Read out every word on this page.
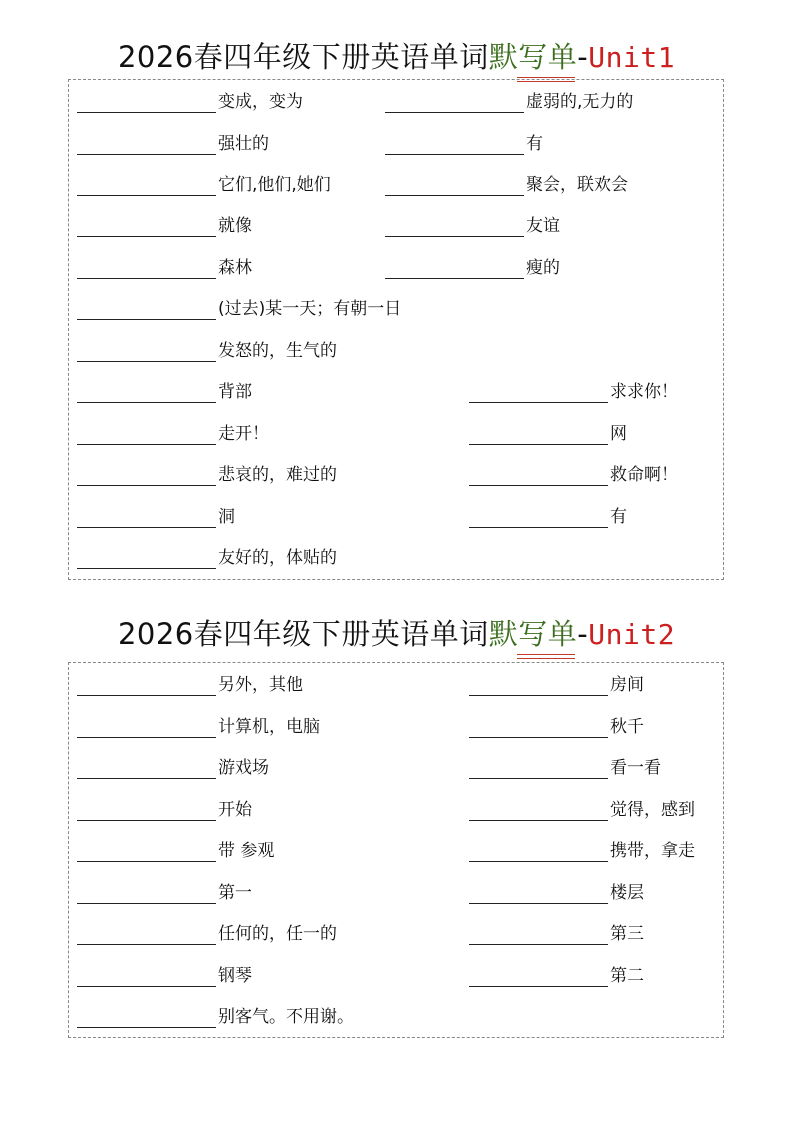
2026春四年级下册英语单词默写单-Unit1
变成，变为
强壮的
它们,他们,她们
就像
森林
(过去)某一天；有朝一日
发怒的，生气的
背部
走开！
悲哀的，难过的
洞
友好的，体贴的
虚弱的,无力的
有
聚会，联欢会
友谊
瘦的
求求你！
网
救命啊！
有
2026春四年级下册英语单词默写单-Unit2
另外，其他
计算机，电脑
游戏场
开始
带 参观
第一
任何的，任一的
钢琴
别客气。不用谢。
房间
秋千
看一看
觉得，感到
携带，拿走
楼层
第三
第二
